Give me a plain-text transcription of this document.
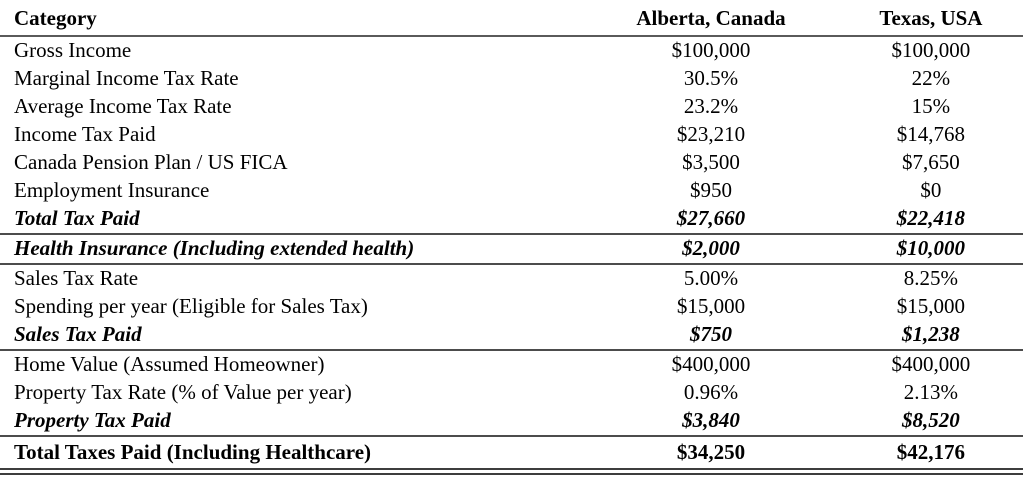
Category	Alberta, Canada	Texas, USA
Gross Income	$100,000	$100,000
Marginal Income Tax Rate	30.5%	22%
Average Income Tax Rate	23.2%	15%
Income Tax Paid	$23,210	$14,768
Canada Pension Plan / US FICA	$3,500	$7,650
Employment Insurance	$950	$0
Total Tax Paid	$27,660	$22,418
Health Insurance (Including extended health)	$2,000	$10,000
Sales Tax Rate	5.00%	8.25%
Spending per year (Eligible for Sales Tax)	$15,000	$15,000
Sales Tax Paid	$750	$1,238
Home Value (Assumed Homeowner)	$400,000	$400,000
Property Tax Rate (% of Value per year)	0.96%	2.13%
Property Tax Paid	$3,840	$8,520
Total Taxes Paid (Including Healthcare)	$34,250	$42,176
